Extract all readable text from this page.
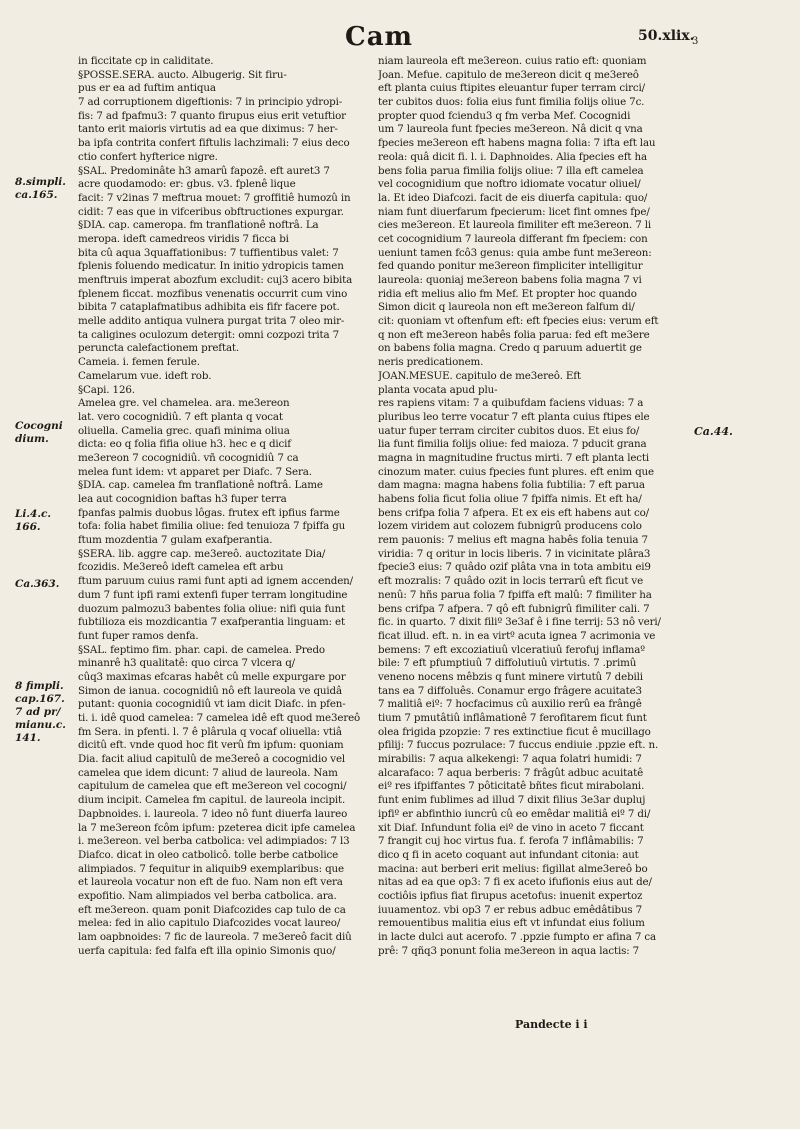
Cam	50.xlix.
3
8.simpli.
ca.165.
Cocogni
dium.
Li.4.c.
166.
Ca.363.
8 fimpli.
cap.167.
7 ad pr/
mianu.c.
141.
Ca.44.
in ficcitate cp in caliditate.
§POSSE.SERA. aucto. Albugerig. Sit firu-
pus er ea ad fuftim antiqua
7 ad corruptionem digeftionis: 7 in principio ydropi-
fis: 7 ad fpafmu3: 7 quanto firupus eius erit vetuftior
tanto erit maioris virtutis ad ea que diximus: 7 her-
ba ipfa contrita confert fiftulis lachzimali: 7 eius deco
ctio confert hyfterice nigre.
§SAL. Predominâte h3 amarû fapozê. eft auret3 7
acre quodamodo: er: gbus. v3. fplenê lique
facit: 7 v2inas 7 meftrua mouet: 7 groffitiê humozû in
cidit: 7 eas que in vifceribus obftructiones expurgar.
§DIA. cap. cameropa. fm tranflationê noftrâ. La
meropa. ideft camedreos viridis 7 ficca bi
bita cû aqua 3quaffationibus: 7 tuffientibus valet: 7
fplenis foluendo medicatur. In initio ydropicis tamen
menftruis imperat abozfum excludit: cuj3 acero bibita
fplenem ficcat. mozfibus venenatis occurrit cum vino
bibita 7 cataplafmatibus adhibita eis fifr facere pot.
melle addito antiqua vulnera purgat trita 7 oleo mir-
ta caligines oculozum detergit: omni cozpozi trita 7
peruncta calefactionem preftat.
Cameia. i. femen ferule.
Camelarum vue. ideft rob.
§Capi. 126.
Amelea gre. vel chamelea. ara. me3ereon
lat. vero cocognidiû. 7 eft planta q vocat
oliuella. Camelia grec. quafi minima oliua
dicta: eo q folia fifia oliue h3. hec e q dicif
me3ereon 7 cocognidiû. vñ cocognidiû 7 ca
melea funt idem: vt apparet per Diafc. 7 Sera.
§DIA. cap. camelea fm tranflationê noftrâ. Lame
lea aut cocognidion baftas h3 fuper terra
fpanfas palmis duobus lôgas. frutex eft ipfius farme
tofa: folia habet fimilia oliue: fed tenuioza 7 fpiffa gu
ftum mozdentia 7 gulam exafperantia.
§SERA. lib. aggre cap. me3ereô. auctozitate Dia/
fcozidis. Me3ereô ideft camelea eft arbu
ftum paruum cuius rami funt apti ad ignem accenden/
dum 7 funt ipfi rami extenfi fuper terram longitudine
duozum palmozu3 babentes folia oliue: nifi quia funt
fubtilioza eis mozdicantia 7 exafperantia linguam: et
funt fuper ramos denfa.
§SAL. feptimo fim. phar. capi. de camelea. Predo
minanrê h3 qualitatê: quo circa 7 vlcera q/
cûq3 maximas efcaras habêt cû melle expurgare por
Simon de ianua. cocognidiû nô eft laureola ve quidâ
putant: quonia cocognidiû vt iam dicit Diafc. in pfen-
ti. i. idê quod camelea: 7 camelea idê eft quod me3ereô
fm Sera. in pfenti. l. 7 ê plârula q vocaf oliuella: vtiâ
dicitû eft. vnde quod hoc fit verû fm ipfum: quoniam
Dia. facit aliud capitulû de me3ereô a cocognidio vel
camelea que idem dicunt: 7 aliud de laureola. Nam
capitulum de camelea que eft me3ereon vel cocogni/
dium incipit. Camelea fm capitul. de laureola incipit.
Dapbnoides. i. laureola. 7 ideo nô funt diuerfa laureo
la 7 me3ereon fcôm ipfum: pzeterea dicit ipfe camelea
i. me3ereon. vel berba catbolica: vel adimpiados: 7 l3
Diafco. dicat in oleo catbolicô. tolle berbe catbolice
alimpiados. 7 fequitur in aliquib9 exemplaribus: que
et laureola vocatur non eft de fuo. Nam non eft vera
expofitio. Nam alimpiados vel berba catbolica. ara.
eft me3ereon. quam ponit Diafcozides cap tulo de ca
melea: fed in alio capitulo Diafcozides vocat laureo/
lam oapbnoides: 7 fic de laureola. 7 me3ereô facit diû
uerfa capitula: fed falfa eft illa opinio Simonis quo/
niam laureola eft me3ereon. cuius ratio eft: quoniam
Joan. Mefue. capitulo de me3ereon dicit q me3ereô
eft planta cuius ftipites eleuantur fuper terram circi/
ter cubitos duos: folia eius funt fimilia folijs oliue 7c.
propter quod fciendu3 q fm verba Mef. Cocognidi
um 7 laureola funt fpecies me3ereon. Nâ dicit q vna
fpecies me3ereon eft habens magna folia: 7 ifta eft lau
reola: quâ dicit fi. l. i. Daphnoides. Alia fpecies eft ha
bens folia parua fimilia folijs oliue: 7 illa eft camelea
vel cocognidium que noftro idiomate vocatur oliuel/
la. Et ideo Diafcozi. facit de eis diuerfa capitula: quo/
niam funt diuerfarum fpecierum: licet fint omnes fpe/
cies me3ereon. Et laureola fimiliter eft me3ereon. 7 li
cet cocognidium 7 laureola differant fm fpeciem: con
ueniunt tamen fcô3 genus: quia ambe funt me3ereon:
fed quando ponitur me3ereon fimpliciter intelligitur
laureola: quoniaj me3ereon babens folia magna 7 vi
ridia eft melius alio fm Mef. Et propter hoc quando
Simon dicit q laureola non eft me3ereon falfum di/
cit: quoniam vt oftenfum eft: eft fpecies eius: verum eft
q non eft me3ereon habês folia parua: fed eft me3ere
on babens folia magna. Credo q paruum aduertit ge
neris predicationem.
JOAN.MESUE. capitulo de me3ereô. Eft
planta vocata apud plu-
res rapiens vitam: 7 a quibufdam faciens viduas: 7 a
pluribus leo terre vocatur 7 eft planta cuius ftipes ele
uatur fuper terram circiter cubitos duos. Et eius fo/
lia funt fimilia folijs oliue: fed maioza. 7 pducit grana
magna in magnitudine fructus mirti. 7 eft planta lecti
cinozum mater. cuius fpecies funt plures. eft enim que
dam magna: magna habens folia fubtilia: 7 eft parua
habens folia ficut folia oliue 7 fpiffa nimis. Et eft ha/
bens crifpa folia 7 afpera. Et ex eis eft habens aut co/
lozem viridem aut colozem fubnigrû producens colo
rem pauonis: 7 melius eft magna habês folia tenuia 7
viridia: 7 q oritur in locis liberis. 7 in vicinitate plâra3
fpecie3 eius: 7 quâdo ozif plâta vna in tota ambitu ei9
eft mozralis: 7 quâdo ozit in locis terrarû eft ficut ve
nenû: 7 hñs parua folia 7 fpiffa eft malû: 7 fimiliter ha
bens crifpa 7 afpera. 7 qô eft fubnigrû fimiliter cali. 7
fic. in quarto. 7 dixit filiº 3e3af ê i fine terrij: 53 nô veri/
ficat illud. eft. n. in ea virtº acuta ignea 7 acrimonia ve
bemens: 7 eft excoziatiuû vlceratiuû ferofuj inflamaº
bile: 7 eft pfumptiuû 7 diffolutiuû virtutis. 7 .primû
veneno nocens mêbzis q funt minere virtutû 7 debili
tans ea 7 diffoluês. Conamur ergo frâgere acuitate3
7 malitiâ eiº: 7 hocfacimus cû auxilio rerû ea frângê
tium 7 pmutâtiû inflâmationê 7 ferofitarem ficut funt
olea frigida pzopzie: 7 res extinctiue ficut ê mucillago
pfilij: 7 fuccus pozrulace: 7 fuccus endiuie .ppzie eft. n.
mirabilis: 7 aqua alkekengi: 7 aqua folatri humidi: 7
alcarafaco: 7 aqua berberis: 7 frâgût adbuc acuitatê
eiº res ifpiffantes 7 pôticitatê bñtes ficut mirabolani.
funt enim fublimes ad illud 7 dixit filius 3e3ar dupluj
ipfiº er abfinthio iuncrû cû eo emêdar malitiâ eiº 7 di/
xit Diaf. Infundunt folia eiº de vino in aceto 7 ficcant
7 frangit cuj hoc virtus fua. f. ferofa 7 inflâmabilis: 7
dico q fi in aceto coquant aut infundant citonia: aut
macina: aut berberi erit melius: figillat alme3ereô bo
nitas ad ea que op3: 7 fi ex aceto ifufionis eius aut de/
coctiôis ipfius fiat firupus acetofus: inuenit expertoz
iuuamentoz. vbi op3 7 er rebus adbuc emêdâtibus 7
remouentibus malitia eius eft vt infundat eius folium
in lacte dulci aut acerofo. 7 .ppzie fumpto er afina 7 ca
prê: 7 qñq3 ponunt folia me3ereon in aqua lactis: 7
Pandecte i i
